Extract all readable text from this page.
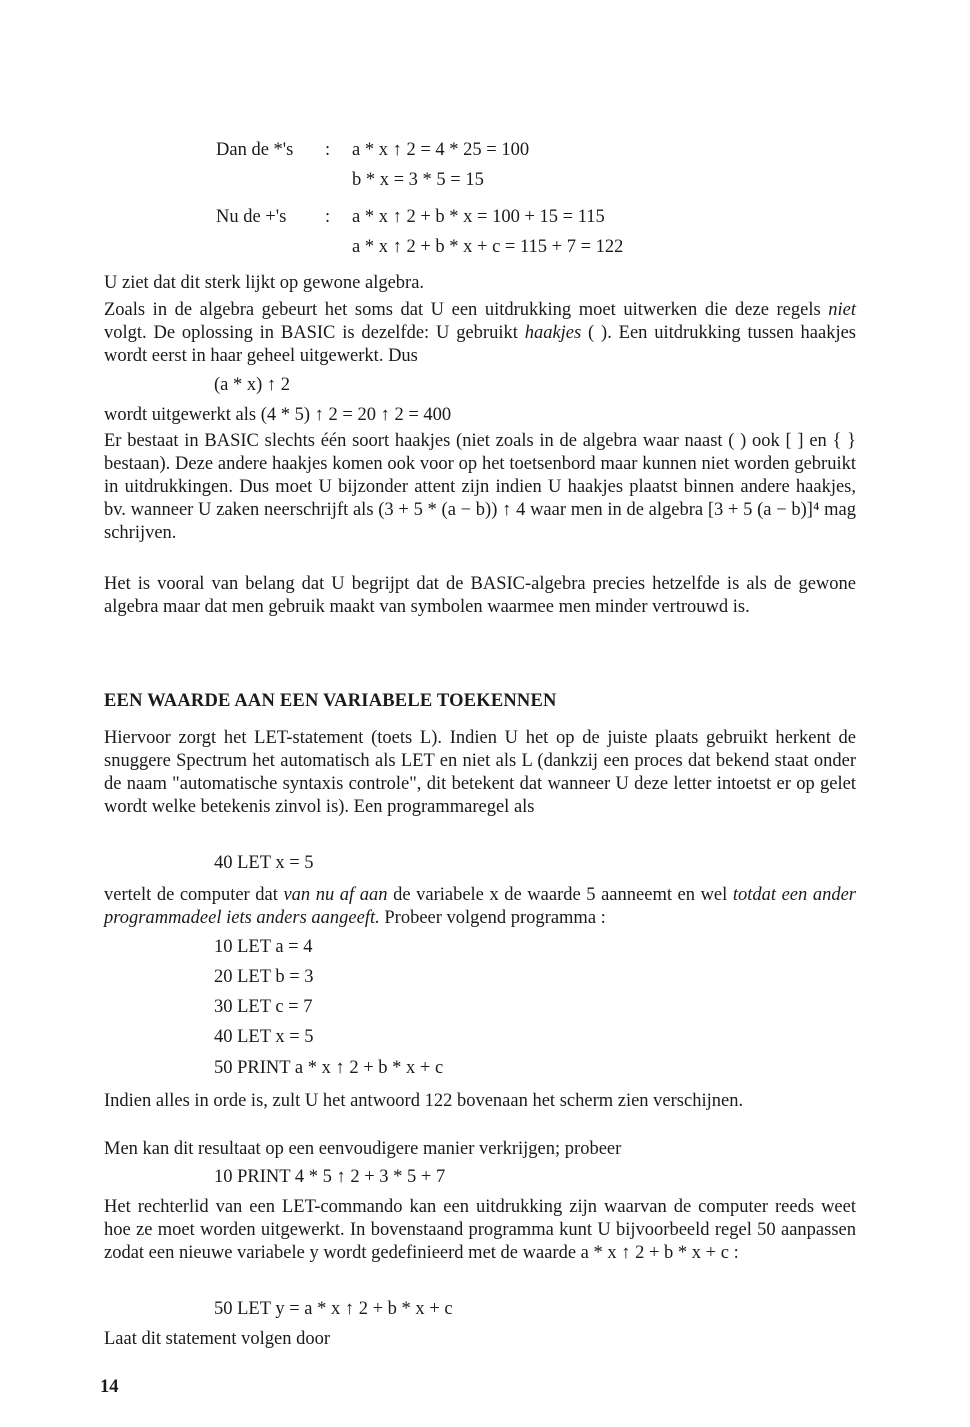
Dan de *'s : a * x ↑ 2 = 4 * 25 = 100
b * x = 3 * 5 = 15
Nu de +'s : a * x ↑ 2 + b * x = 100 + 15 = 115
a * x ↑ 2 + b * x + c = 115 + 7 = 122
U ziet dat dit sterk lijkt op gewone algebra.
Zoals in de algebra gebeurt het soms dat U een uitdrukking moet uitwerken die deze regels niet volgt. De oplossing in BASIC is dezelfde: U gebruikt haakjes ( ). Een uitdrukking tussen haakjes wordt eerst in haar geheel uitgewerkt. Dus
(a * x) ↑ 2
wordt uitgewerkt als (4 * 5) ↑ 2 = 20 ↑ 2 = 400
Er bestaat in BASIC slechts één soort haakjes (niet zoals in de algebra waar naast ( ) ook [ ] en { } bestaan). Deze andere haakjes komen ook voor op het toetsenbord maar kunnen niet worden gebruikt in uitdrukkingen. Dus moet U bijzonder attent zijn indien U haakjes plaatst binnen andere haakjes, bv. wanneer U zaken neerschrijft als (3 + 5 * (a − b)) ↑ 4 waar men in de algebra [3 + 5 (a − b)]⁴ mag schrijven.
Het is vooral van belang dat U begrijpt dat de BASIC-algebra precies hetzelfde is als de gewone algebra maar dat men gebruik maakt van symbolen waarmee men minder vertrouwd is.
EEN WAARDE AAN EEN VARIABELE TOEKENNEN
Hiervoor zorgt het LET-statement (toets L). Indien U het op de juiste plaats gebruikt herkent de snuggere Spectrum het automatisch als LET en niet als L (dankzij een proces dat bekend staat onder de naam "automatische syntaxis controle", dit betekent dat wanneer U deze letter intoetst er op gelet wordt welke betekenis zinvol is). Een programmaregel als
40 LET x = 5
vertelt de computer dat van nu af aan de variabele x de waarde 5 aanneemt en wel totdat een ander programmadeel iets anders aangeeft. Probeer volgend programma :
10 LET a = 4
20 LET b = 3
30 LET c = 7
40 LET x = 5
50 PRINT a * x ↑ 2 + b * x + c
Indien alles in orde is, zult U het antwoord 122 bovenaan het scherm zien verschijnen.
Men kan dit resultaat op een eenvoudigere manier verkrijgen; probeer
10 PRINT 4 * 5 ↑ 2 + 3 * 5 + 7
Het rechterlid van een LET-commando kan een uitdrukking zijn waarvan de computer reeds weet hoe ze moet worden uitgewerkt. In bovenstaand programma kunt U bijvoorbeeld regel 50 aanpassen zodat een nieuwe variabele y wordt gedefinieerd met de waarde a * x ↑ 2 + b * x + c :
50 LET y = a * x ↑ 2 + b * x + c
Laat dit statement volgen door
14
